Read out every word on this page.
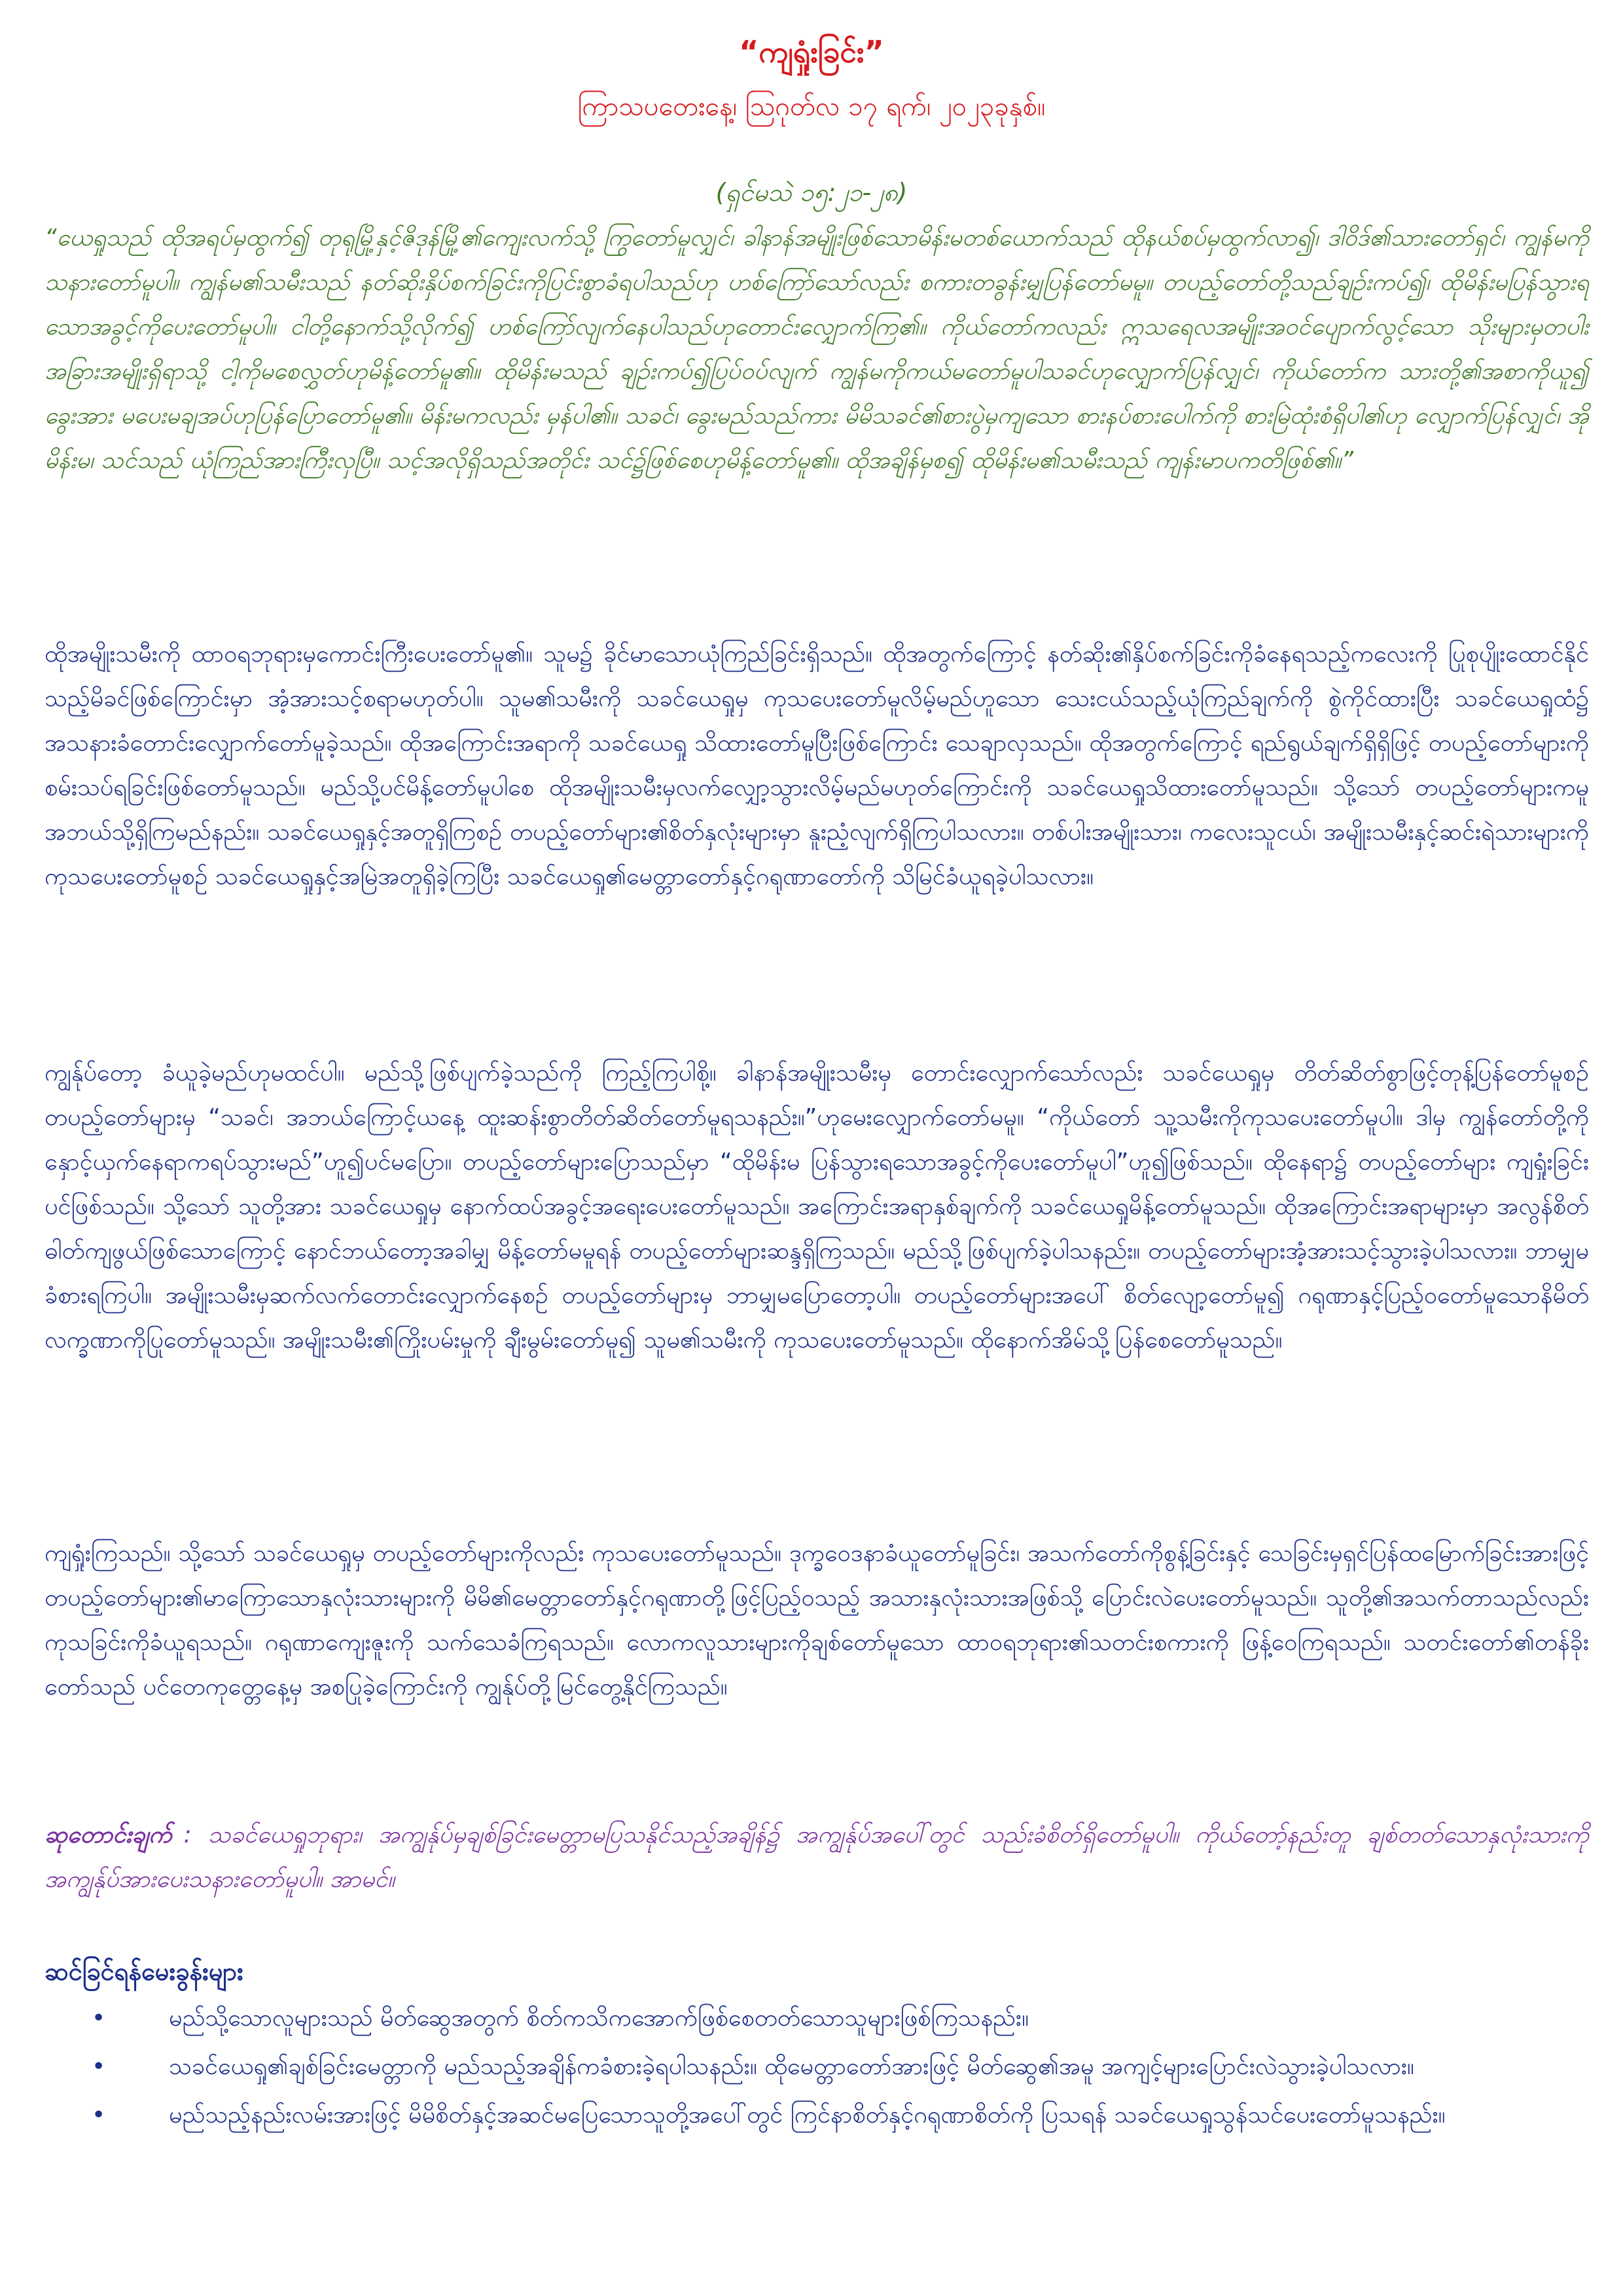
“ကျရှုံးခြင်း”
ကြာသပတေးနေ့၊ ဩဂုတ်လ ၁၇ ရက်၊ ၂၀၂၃ခုနှစ်။
(ရှင်မသဲ ၁၅:၂၁-၂၈)

“ယေရှုသည် ထိုအရပ်မှထွက်၍ တုရုမြို့နှင့်ဇိဒုန်မြို့၏ကျေးလက်သို့ ကြွတော်မူလျှင်၊ ခါနာန်အမျိုးဖြစ်သောမိန်းမတစ်ယောက်သည် ထိုနယ်စပ်မှထွက်လာ၍၊ ဒါဝိဒ်၏သားတော်ရှင်၊ ကျွန်မကိုသနားတော်မူပါ။ ကျွန်မ၏သမီးသည် နတ်ဆိုးနှိပ်စက်ခြင်းကိုပြင်းစွာခံရပါသည်ဟု ဟစ်ကြော်သော်လည်း စကားတခွန်းမျှပြန်တော်မမူ။ တပည့်တော်တို့သည်ချဉ်းကပ်၍၊ ထိုမိန်းမပြန်သွားရသောအခွင့်ကိုပေးတော်မူပါ။ ငါတို့နောက်သို့လိုက်၍ ဟစ်ကြော်လျက်နေပါသည်ဟုတောင်းလျှောက်ကြ၏။ ကိုယ်တော်ကလည်း ဣသရေလအမျိုးအဝင်ပျောက်လွင့်သော သိုးများမှတပါး အခြားအမျိုးရှိရာသို့ ငါ့ကိုမစေလွှတ်ဟုမိန့်တော်မူ၏။ ထိုမိန်းမသည် ချဉ်းကပ်၍ပြပ်ဝပ်လျက် ကျွန်မကိုကယ်မတော်မူပါသခင်ဟုလျှောက်ပြန်လျှင်၊ ကိုယ်တော်က သားတို့၏အစာကိုယူ၍ ခွေးအား မပေးမချအပ်ဟုပြန်ပြောတော်မူ၏။ မိန်းမကလည်း မှန်ပါ၏။ သခင်၊ ခွေးမည်သည်ကား မိမိသခင်၏စားပွဲမှကျသော စားနပ်စားပေါက်ကို စားမြဲထုံးစံရှိပါ၏ဟု လျှောက်ပြန်လျှင်၊ အိုမိန်းမ၊ သင်သည် ယုံကြည်အားကြီးလှပြီ။ သင့်အလိုရှိသည်အတိုင်း သင်၌ဖြစ်စေဟုမိန့်တော်မူ၏။ ထိုအချိန်မှစ၍ ထိုမိန်းမ၏သမီးသည် ကျန်းမာပကတိဖြစ်၏။”

ထိုအမျိုးသမီးကို ထာဝရဘုရားမှကောင်းကြီးပေးတော်မူ၏။ သူမ၌ ခိုင်မာသောယုံကြည်ခြင်းရှိသည်။ ထိုအတွက်ကြောင့် နတ်ဆိုး၏နှိပ်စက်ခြင်းကိုခံနေရသည့်ကလေးကို ပြုစုပျိုးထောင်နိုင်သည့်မိခင်ဖြစ်ကြောင်းမှာ အံ့အားသင့်စရာမဟုတ်ပါ။ သူမ၏သမီးကို သခင်ယေရှုမှ ကုသပေးတော်မူလိမ့်မည်ဟူသော သေးငယ်သည့်ယုံကြည်ချက်ကို စွဲကိုင်ထားပြီး သခင်ယေရှုထံ၌ အသနားခံတောင်းလျှောက်တော်မူခဲ့သည်။ ထိုအကြောင်းအရာကို သခင်ယေရှု သိထားတော်မူပြီးဖြစ်ကြောင်း သေချာလှသည်။ ထိုအတွက်ကြောင့် ရည်ရွယ်ချက်ရှိရှိဖြင့် တပည့်တော်များကို စမ်းသပ်ရခြင်းဖြစ်တော်မူသည်။ မည်သို့ပင်မိန့်တော်မူပါစေ ထိုအမျိုးသမီးမှလက်လျှော့သွားလိမ့်မည်မဟုတ်ကြောင်းကို သခင်ယေရှုသိထားတော်မူသည်။ သို့သော် တပည့်တော်များကမူ အဘယ်သို့ရှိကြမည်နည်း။ သခင်ယေရှုနှင့်အတူရှိကြစဉ် တပည့်တော်များ၏စိတ်နှလုံးများမှာ နူးညံ့လျက်ရှိကြပါသလား။ တစ်ပါးအမျိုးသား၊ ကလေးသူငယ်၊ အမျိုးသမီးနှင့်ဆင်းရဲသားများကို ကုသပေးတော်မူစဉ် သခင်ယေရှုနှင့်အမြဲအတူရှိခဲ့ကြပြီး သခင်ယေရှု၏မေတ္တာတော်နှင့်ဂရုဏာတော်ကို သိမြင်ခံယူရခဲ့ပါသလား။

ကျွန်ုပ်တော့ ခံယူခဲ့မည်ဟုမထင်ပါ။ မည်သို့ဖြစ်ပျက်ခဲ့သည်ကို ကြည့်ကြပါစို့။ ခါနာန်အမျိုးသမီးမှ တောင်းလျှောက်သော်လည်း သခင်ယေရှုမှ တိတ်ဆိတ်စွာဖြင့်တုန့်ပြန်တော်မူစဉ် တပည့်တော်များမှ “သခင်၊ အဘယ်ကြောင့်ယနေ့ ထူးဆန်းစွာတိတ်ဆိတ်တော်မူရသနည်း။”ဟုမေးလျှောက်တော်မမူ။ “ကိုယ်တော် သူ့သမီးကိုကုသပေးတော်မူပါ။ ဒါမှ ကျွန်တော်တို့ကို နှောင့်ယှက်နေရာကရပ်သွားမည်”ဟူ၍ပင်မပြော။ တပည့်တော်များပြောသည်မှာ “ထိုမိန်းမ ပြန်သွားရသောအခွင့်ကိုပေးတော်မူပါ”ဟူ၍ဖြစ်သည်။ ထိုနေရာ၌ တပည့်တော်များ ကျရှုံးခြင်းပင်ဖြစ်သည်။ သို့သော် သူတို့အား သခင်ယေရှုမှ နောက်ထပ်အခွင့်အရေးပေးတော်မူသည်။ အကြောင်းအရာနှစ်ချက်ကို သခင်ယေရှုမိန့်တော်မူသည်။ ထိုအကြောင်းအရာများမှာ အလွန်စိတ်ဓါတ်ကျဖွယ်ဖြစ်သောကြောင့် နောင်ဘယ်တော့အခါမျှ မိန့်တော်မမူရန် တပည့်တော်များဆန္ဒရှိကြသည်။ မည်သို့ဖြစ်ပျက်ခဲ့ပါသနည်း။ တပည့်တော်များအံ့အားသင့်သွားခဲ့ပါသလား။ ဘာမျှမခံစားရကြပါ။ အမျိုးသမီးမှဆက်လက်တောင်းလျှောက်နေစဉ် တပည့်တော်များမှ ဘာမျှမပြောတော့ပါ။ တပည့်တော်များအပေါ် စိတ်လျော့တော်မူ၍ ဂရုဏာနှင့်ပြည့်ဝတော်မူသောနိမိတ်လက္ခဏာကိုပြုတော်မူသည်။ အမျိုးသမီး၏ကြိုးပမ်းမှုကို ချီးမွမ်းတော်မူ၍ သူမ၏သမီးကို ကုသပေးတော်မူသည်။ ထိုနောက်အိမ်သို့ပြန်စေတော်မူသည်။

ကျရှုံးကြသည်။ သို့သော် သခင်ယေရှုမှ တပည့်တော်များကိုလည်း ကုသပေးတော်မူသည်။ ဒုက္ခဝေဒနာခံယူတော်မူခြင်း၊ အသက်တော်ကိုစွန့်ခြင်းနှင့် သေခြင်းမှရှင်ပြန်ထမြောက်ခြင်းအားဖြင့် တပည့်တော်များ၏မာကြောသောနှလုံးသားများကို မိမိ၏မေတ္တာတော်နှင့်ဂရုဏာတို့ဖြင့်ပြည့်ဝသည့် အသားနှလုံးသားအဖြစ်သို့ ပြောင်းလဲပေးတော်မူသည်။ သူတို့၏အသက်တာသည်လည်း ကုသခြင်းကိုခံယူရသည်။ ဂရုဏာကျေးဇူးကို သက်သေခံကြရသည်။ လောကလူသားများကိုချစ်တော်မူသော ထာဝရဘုရား၏သတင်းစကားကို ဖြန့်ဝေကြရသည်။ သတင်းတော်၏တန်ခိုးတော်သည် ပင်တေကုတ္တေနေ့မှ အစပြုခဲ့ကြောင်းကို ကျွန်ုပ်တို့မြင်တွေ့နိုင်ကြသည်။

ဆုတောင်းချက် : သခင်ယေရှုဘုရား၊ အကျွန်ုပ်မှချစ်ခြင်းမေတ္တာမပြသနိုင်သည့်အချိန်၌ အကျွန်ုပ်အပေါ်တွင် သည်းခံစိတ်ရှိတော်မူပါ။ ကိုယ်တော့်နည်းတူ ချစ်တတ်သောနှလုံးသားကို အကျွန်ုပ်အားပေးသနားတော်မူပါ။ အာမင်။

ဆင်ခြင်ရန်မေးခွန်းများ
•	မည်သို့သောလူများသည် မိတ်ဆွေအတွက် စိတ်ကသိကအောက်ဖြစ်စေတတ်သောသူများဖြစ်ကြသနည်း။
•	သခင်ယေရှု၏ချစ်ခြင်းမေတ္တာကို မည်သည့်အချိန်ကခံစားခဲ့ရပါသနည်း။ ထိုမေတ္တာတော်အားဖြင့် မိတ်ဆွေ၏အမူ အကျင့်များပြောင်းလဲသွားခဲ့ပါသလား။
•	မည်သည့်နည်းလမ်းအားဖြင့် မိမိစိတ်နှင့်အဆင်မပြေသောသူတို့အပေါ်တွင် ကြင်နာစိတ်နှင့်ဂရုဏာစိတ်ကို ပြသရန် သခင်ယေရှုသွန်သင်ပေးတော်မူသနည်း။
